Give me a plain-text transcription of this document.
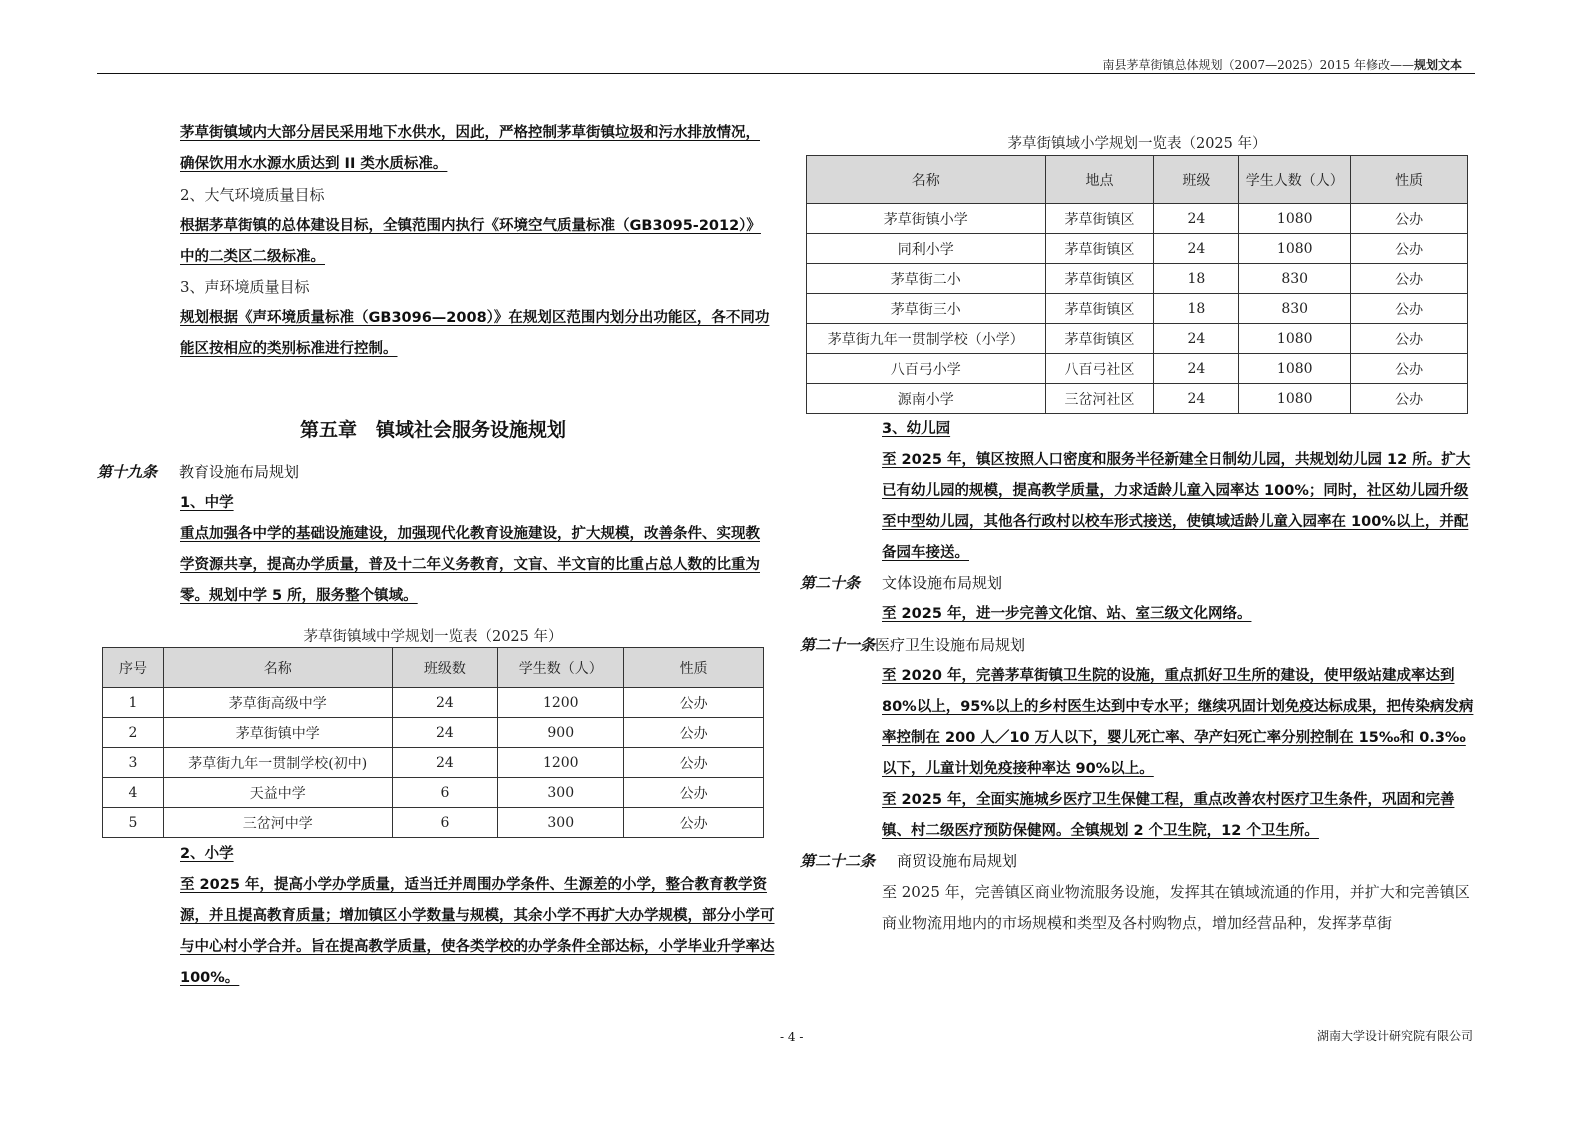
南县茅草街镇总体规划（2007—2025）2015 年修改——规划文本
茅草街镇域内大部分居民采用地下水供水，因此，严格控制茅草街镇垃圾和污水排放情况，确保饮用水水源水质达到 II 类水质标准。
2、大气环境质量目标
根据茅草街镇的总体建设目标，全镇范围内执行《环境空气质量标准（GB3095-2012）》中的二类区二级标准。
3、声环境质量目标
规划根据《声环境质量标准（GB3096—2008）》在规划区范围内划分出功能区，各不同功能区按相应的类别标准进行控制。
第五章　镇域社会服务设施规划
第十九条 教育设施布局规划
1、中学
重点加强各中学的基础设施建设，加强现代化教育设施建设，扩大规模，改善条件、实现教学资源共享，提高办学质量，普及十二年义务教育，文盲、半文盲的比重占总人数的比重为零。规划中学 5 所，服务整个镇域。
茅草街镇域中学规划一览表（2025 年）
序号	名称	班级数	学生数（人）	性质
1	茅草街高级中学	24	1200	公办
2	茅草街镇中学	24	900	公办
3	茅草街九年一贯制学校(初中)	24	1200	公办
4	天益中学	6	300	公办
5	三岔河中学	6	300	公办
2、小学
至 2025 年，提高小学办学质量，适当迁并周围办学条件、生源差的小学，整合教育教学资源，并且提高教育质量；增加镇区小学数量与规模，其余小学不再扩大办学规模，部分小学可与中心村小学合并。旨在提高教学质量，使各类学校的办学条件全部达标，小学毕业升学率达 100%。
茅草街镇域小学规划一览表（2025 年）
名称	地点	班级	学生人数（人）	性质
茅草街镇小学	茅草街镇区	24	1080	公办
同利小学	茅草街镇区	24	1080	公办
茅草街二小	茅草街镇区	18	830	公办
茅草街三小	茅草街镇区	18	830	公办
茅草街九年一贯制学校（小学）	茅草街镇区	24	1080	公办
八百弓小学	八百弓社区	24	1080	公办
源南小学	三岔河社区	24	1080	公办
3、幼儿园
至 2025 年，镇区按照人口密度和服务半径新建全日制幼儿园，共规划幼儿园 12 所。扩大已有幼儿园的规模，提高教学质量，力求适龄儿童入园率达 100%；同时，社区幼儿园升级至中型幼儿园，其他各行政村以校车形式接送，使镇域适龄儿童入园率在 100%以上，并配备园车接送。
第二十条 文体设施布局规划
至 2025 年，进一步完善文化馆、站、室三级文化网络。
第二十一条医疗卫生设施布局规划
至 2020 年，完善茅草街镇卫生院的设施，重点抓好卫生所的建设，使甲级站建成率达到 80%以上，95%以上的乡村医生达到中专水平；继续巩固计划免疫达标成果，把传染病发病率控制在 200 人／10 万人以下，婴儿死亡率、孕产妇死亡率分别控制在 15‰和 0.3‰以下，儿童计划免疫接种率达 90%以上。
至 2025 年，全面实施城乡医疗卫生保健工程，重点改善农村医疗卫生条件，巩固和完善镇、村二级医疗预防保健网。全镇规划 2 个卫生院，12 个卫生所。
第二十二条 商贸设施布局规划
至 2025 年，完善镇区商业物流服务设施，发挥其在镇域流通的作用，并扩大和完善镇区商业物流用地内的市场规模和类型及各村购物点，增加经营品种，发挥茅草街
- 4 -	湖南大学设计研究院有限公司
